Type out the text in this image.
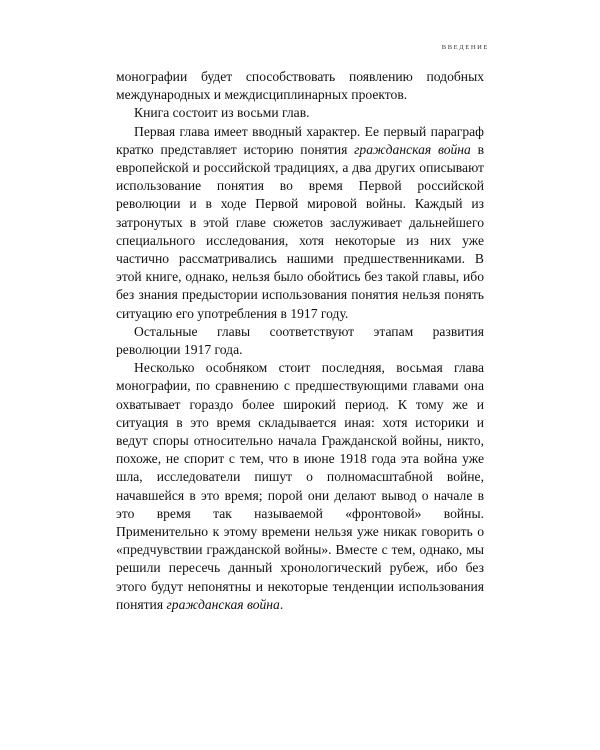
ВВЕДЕНИЕ

монографии будет способствовать появлению подобных международных и междисциплинарных проектов.

Книга состоит из восьми глав.

Первая глава имеет вводный характер. Ее первый параграф кратко представляет историю понятия гражданская война в европейской и российской традициях, а два других описывают использование понятия во время Первой российской революции и в ходе Первой мировой войны. Каждый из затронутых в этой главе сюжетов заслуживает дальнейшего специального исследования, хотя некоторые из них уже частично рассматривались нашими предшественниками. В этой книге, однако, нельзя было обойтись без такой главы, ибо без знания предыстории использования понятия нельзя понять ситуацию его употребления в 1917 году.

Остальные главы соответствуют этапам развития революции 1917 года.

Несколько особняком стоит последняя, восьмая глава монографии, по сравнению с предшествующими главами она охватывает гораздо более широкий период. К тому же и ситуация в это время складывается иная: хотя историки и ведут споры относительно начала Гражданской войны, никто, похоже, не спорит с тем, что в июне 1918 года эта война уже шла, исследователи пишут о полномасштабной войне, начавшейся в это время; порой они делают вывод о начале в это время так называемой «фронтовой» войны. Применительно к этому времени нельзя уже никак говорить о «предчувствии гражданской войны». Вместе с тем, однако, мы решили пересечь данный хронологический рубеж, ибо без этого будут непонятны и некоторые тенденции использования понятия гражданская война.
